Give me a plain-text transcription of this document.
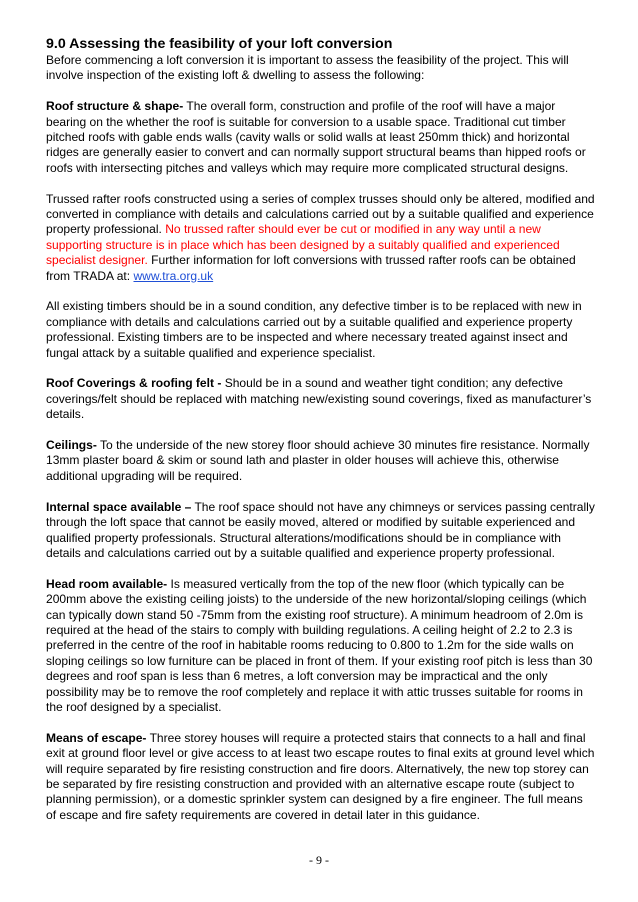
9.0 Assessing the feasibility of your loft conversion

Before commencing a loft conversion it is important to assess the feasibility of the project. This will involve inspection of the existing loft & dwelling to assess the following:

Roof structure & shape- The overall form, construction and profile of the roof will have a major bearing on the whether the roof is suitable for conversion to a usable space. Traditional cut timber pitched roofs with gable ends walls (cavity walls or solid walls at least 250mm thick) and horizontal ridges are generally easier to convert and can normally support structural beams than hipped roofs or roofs with intersecting pitches and valleys which may require more complicated structural designs.

Trussed rafter roofs constructed using a series of complex trusses should only be altered, modified and converted in compliance with details and calculations carried out by a suitable qualified and experience property professional. No trussed rafter should ever be cut or modified in any way until a new supporting structure is in place which has been designed by a suitably qualified and experienced specialist designer. Further information for loft conversions with trussed rafter roofs can be obtained from TRADA at: www.tra.org.uk

All existing timbers should be in a sound condition, any defective timber is to be replaced with new in compliance with details and calculations carried out by a suitable qualified and experience property professional. Existing timbers are to be inspected and where necessary treated against insect and fungal attack by a suitable qualified and experience specialist.

Roof Coverings & roofing felt - Should be in a sound and weather tight condition; any defective coverings/felt should be replaced with matching new/existing sound coverings, fixed as manufacturer’s details.

Ceilings- To the underside of the new storey floor should achieve 30 minutes fire resistance. Normally 13mm plaster board & skim or sound lath and plaster in older houses will achieve this, otherwise additional upgrading will be required.

Internal space available – The roof space should not have any chimneys or services passing centrally through the loft space that cannot be easily moved, altered or modified by suitable experienced and qualified property professionals. Structural alterations/modifications should be in compliance with details and calculations carried out by a suitable qualified and experience property professional.

Head room available- Is measured vertically from the top of the new floor (which typically can be 200mm above the existing ceiling joists) to the underside of the new horizontal/sloping ceilings (which can typically down stand 50 -75mm from the existing roof structure). A minimum headroom of 2.0m is required at the head of the stairs to comply with building regulations. A ceiling height of 2.2 to 2.3 is preferred in the centre of the roof in habitable rooms reducing to 0.800 to 1.2m for the side walls on sloping ceilings so low furniture can be placed in front of them. If your existing roof pitch is less than 30 degrees and roof span is less than 6 metres, a loft conversion may be impractical and the only possibility may be to remove the roof completely and replace it with attic trusses suitable for rooms in the roof designed by a specialist.

Means of escape- Three storey houses will require a protected stairs that connects to a hall and final exit at ground floor level or give access to at least two escape routes to final exits at ground level which will require separated by fire resisting construction and fire doors. Alternatively, the new top storey can be separated by fire resisting construction and provided with an alternative escape route (subject to planning permission), or a domestic sprinkler system can designed by a fire engineer. The full means of escape and fire safety requirements are covered in detail later in this guidance.

- 9 -
